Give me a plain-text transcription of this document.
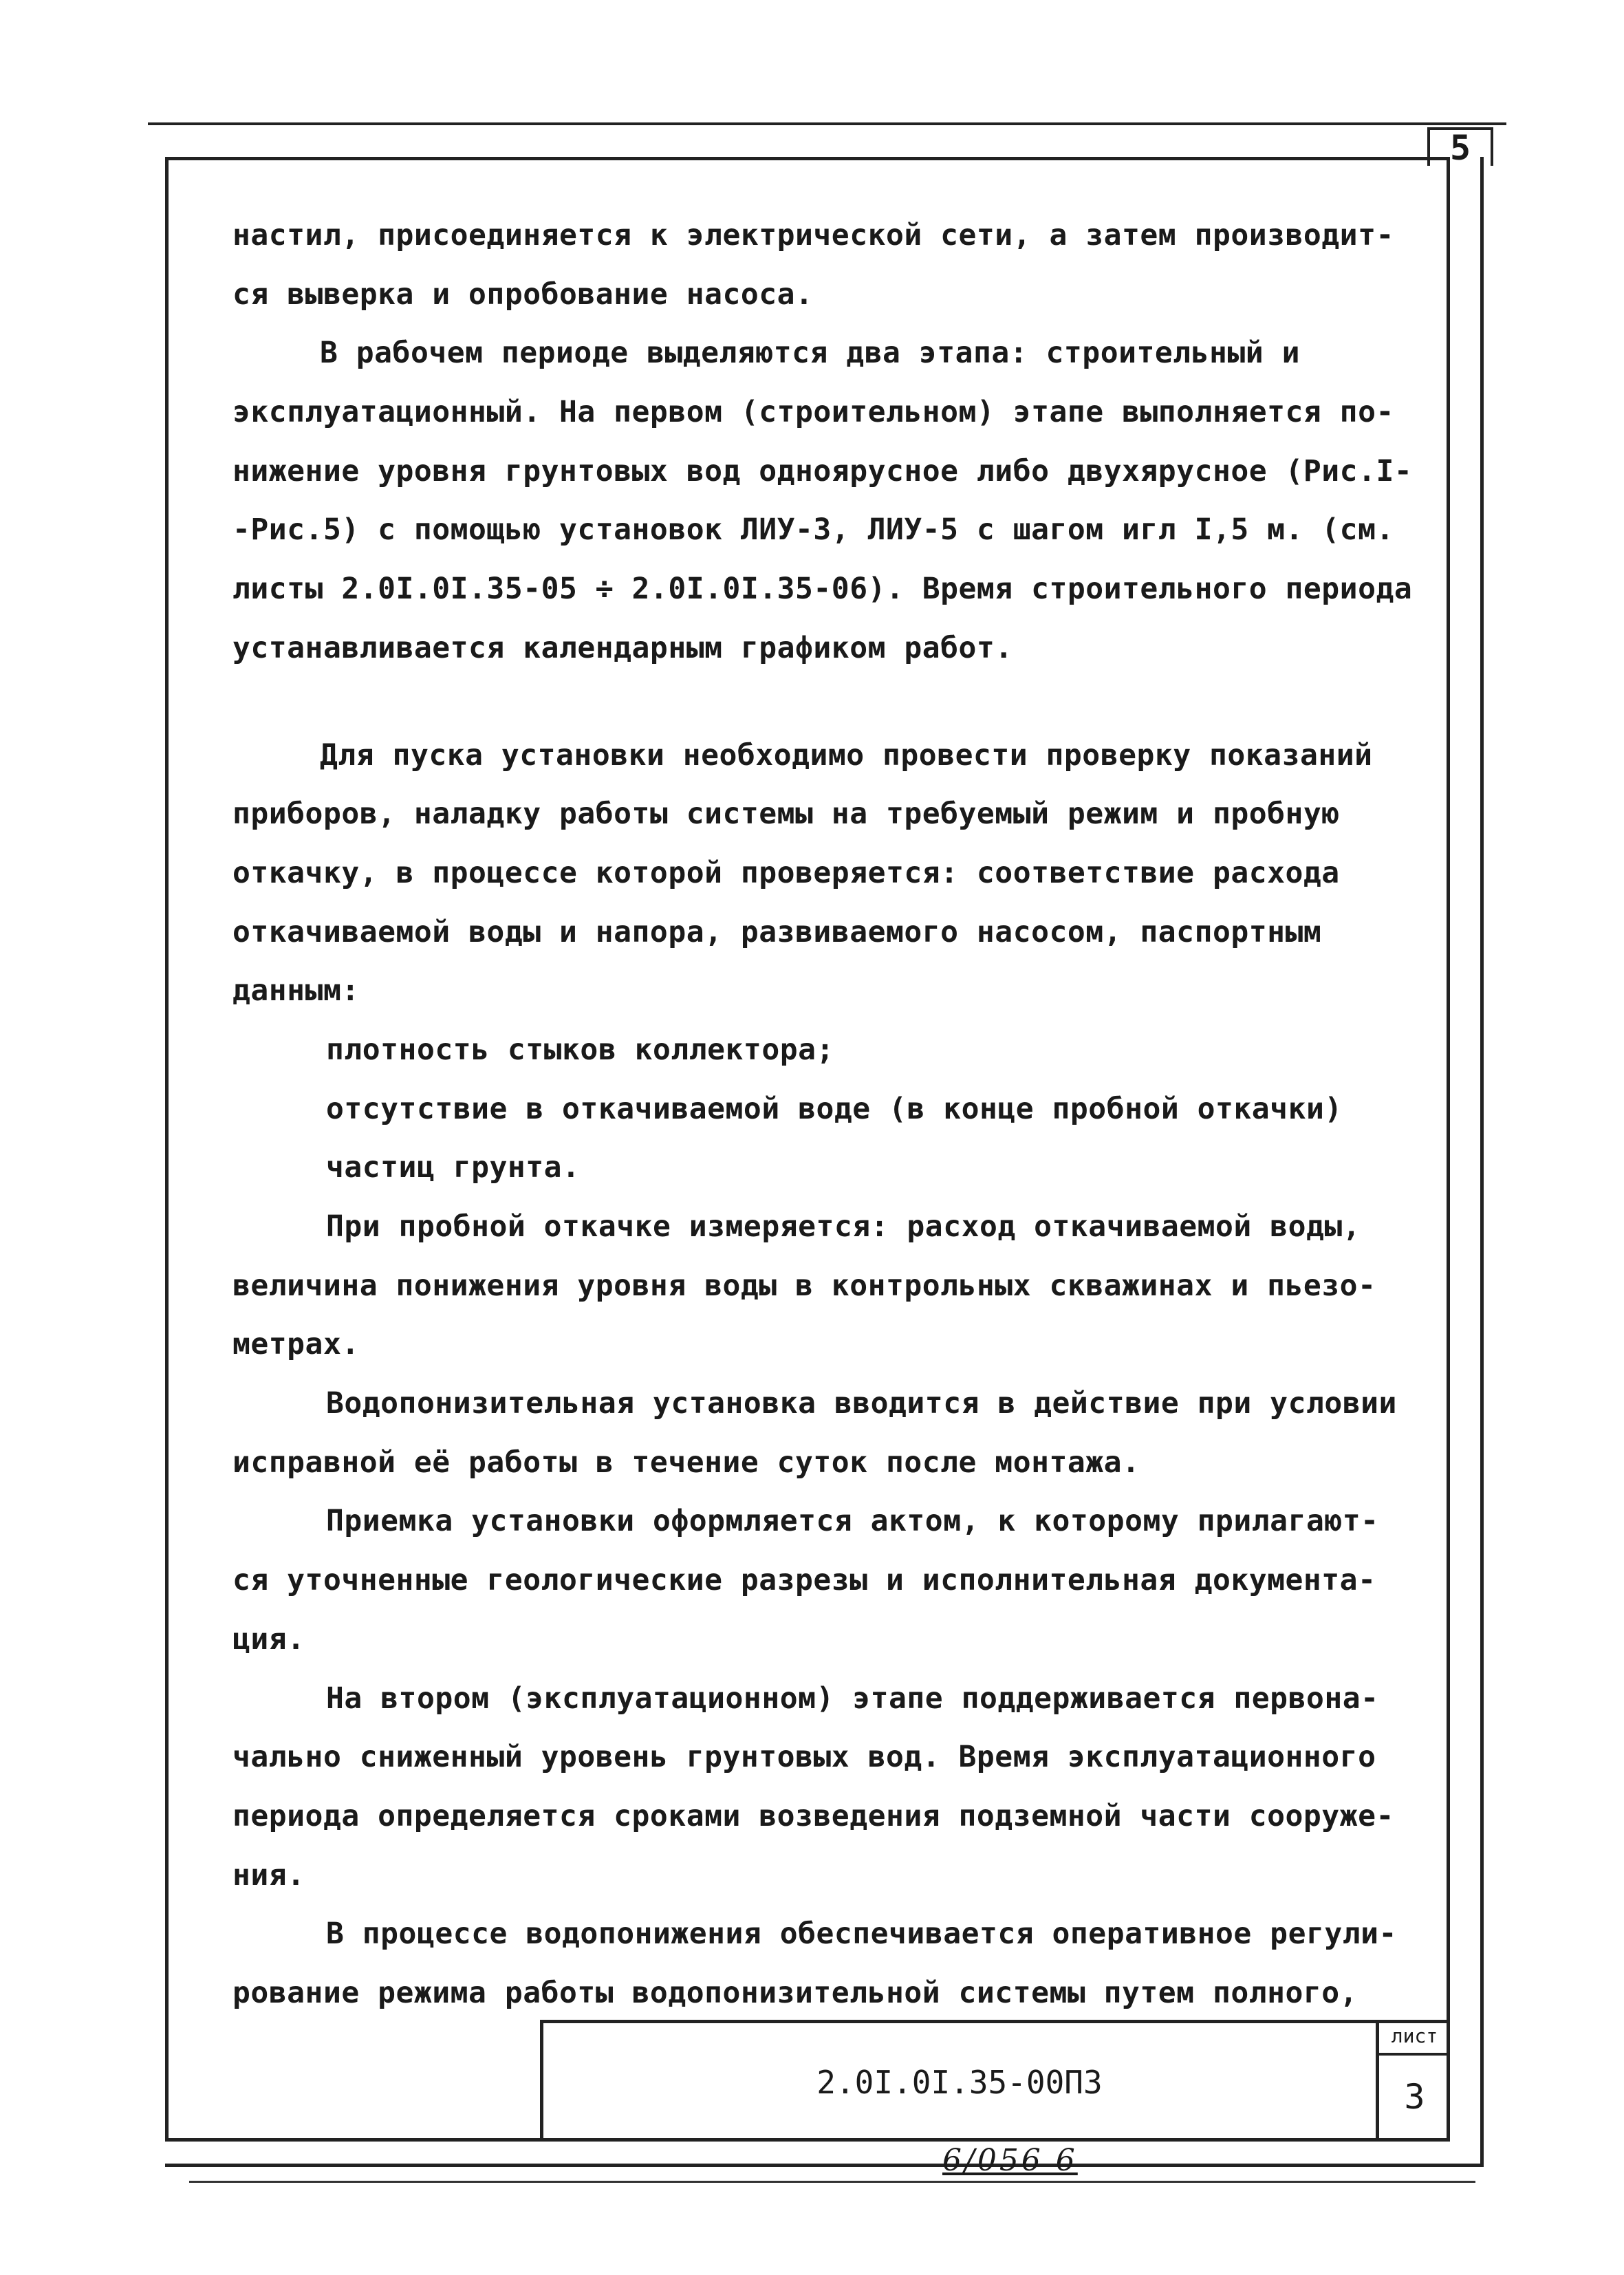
5
настил, присоединяется к электрической сети, а затем производит-
ся выверка и опробование насоса.
В рабочем периоде выделяются два этапа: строительный и
эксплуатационный. На первом (строительном) этапе выполняется по-
нижение уровня грунтовых вод одноярусное либо двухярусное (Рис.I-
-Рис.5) с помощью установок ЛИУ-3, ЛИУ-5 с шагом игл I,5 м. (см.
листы 2.0I.0I.35-05 ÷ 2.0I.0I.35-06). Время строительного периода
устанавливается календарным графиком работ.
Для пуска установки необходимо провести проверку показаний
приборов, наладку работы системы на требуемый режим и пробную
откачку, в процессе которой проверяется: соответствие расхода
откачиваемой воды и напора, развиваемого насосом, паспортным
данным:
плотность стыков коллектора;
отсутствие в откачиваемой воде (в конце пробной откачки)
частиц грунта.
При пробной откачке измеряется: расход откачиваемой воды,
величина понижения уровня воды в контрольных скважинах и пьезо-
метрах.
Водопонизительная установка вводится в действие при условии
исправной её работы в течение суток после монтажа.
Приемка установки оформляется актом, к которому прилагают-
ся уточненные геологические разрезы и исполнительная документа-
ция.
На втором (эксплуатационном) этапе поддерживается первона-
чально сниженный уровень грунтовых вод. Время эксплуатационного
периода определяется сроками возведения подземной части сооруже-
ния.
В процессе водопонижения обеспечивается оперативное регули-
рование режима работы водопонизительной системы путем полного,
2.0I.0I.35-00ПЗ
лист
3
6/056 6
